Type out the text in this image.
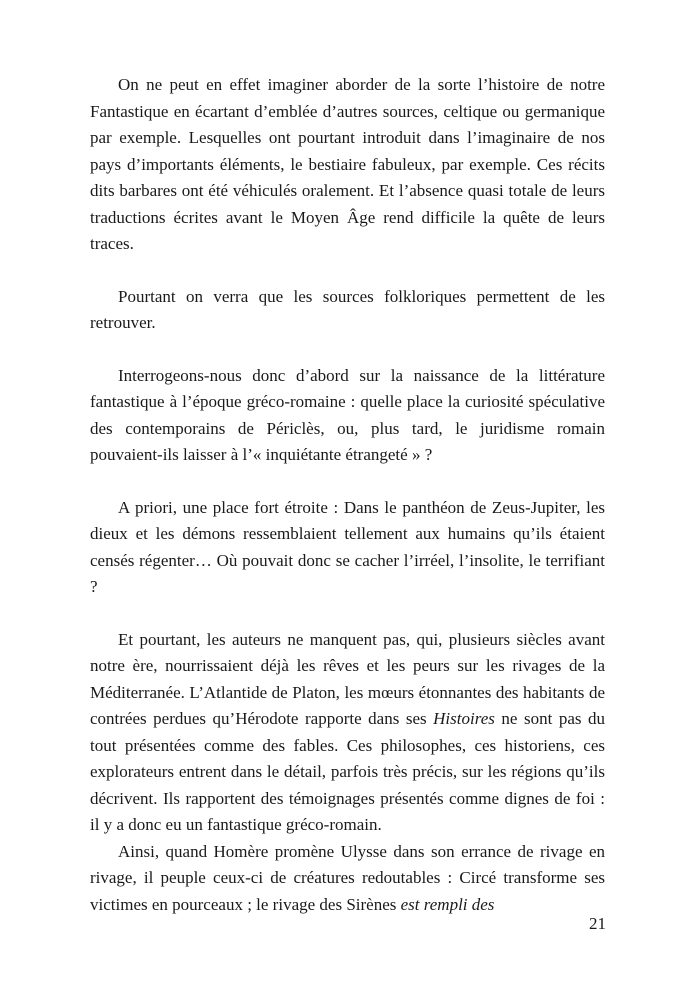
On ne peut en effet imaginer aborder de la sorte l’histoire de notre Fantastique en écartant d’emblée d’autres sources, celtique ou germanique par exemple. Lesquelles ont pourtant introduit dans l’imaginaire de nos pays d’importants éléments, le bestiaire fabuleux, par exemple. Ces récits dits barbares ont été véhiculés oralement. Et l’absence quasi totale de leurs traductions écrites avant le Moyen Âge rend difficile la quête de leurs traces.

Pourtant on verra que les sources folkloriques permettent de les retrouver.

Interrogeons-nous donc d’abord sur la naissance de la littérature fantastique à l’époque gréco-romaine : quelle place la curiosité spéculative des contemporains de Périclès, ou, plus tard, le juridisme romain pouvaient-ils laisser à l’« inquiétante étrangeté » ?

A priori, une place fort étroite : Dans le panthéon de Zeus-Jupiter, les dieux et les démons ressemblaient tellement aux humains qu’ils étaient censés régenter… Où pouvait donc se cacher l’irréel, l’insolite, le terrifiant ?

Et pourtant, les auteurs ne manquent pas, qui, plusieurs siècles avant notre ère, nourrissaient déjà les rêves et les peurs sur les rivages de la Méditerranée. L’Atlantide de Platon, les mœurs étonnantes des habitants de contrées perdues qu’Hérodote rapporte dans ses Histoires ne sont pas du tout présentées comme des fables. Ces philosophes, ces historiens, ces explorateurs entrent dans le détail, parfois très précis, sur les régions qu’ils décrivent. Ils rapportent des témoignages présentés comme dignes de foi : il y a donc eu un fantastique gréco-romain.

Ainsi, quand Homère promène Ulysse dans son errance de rivage en rivage, il peuple ceux-ci de créatures redoutables : Circé transforme ses victimes en pourceaux ; le rivage des Sirènes est rempli des

21
